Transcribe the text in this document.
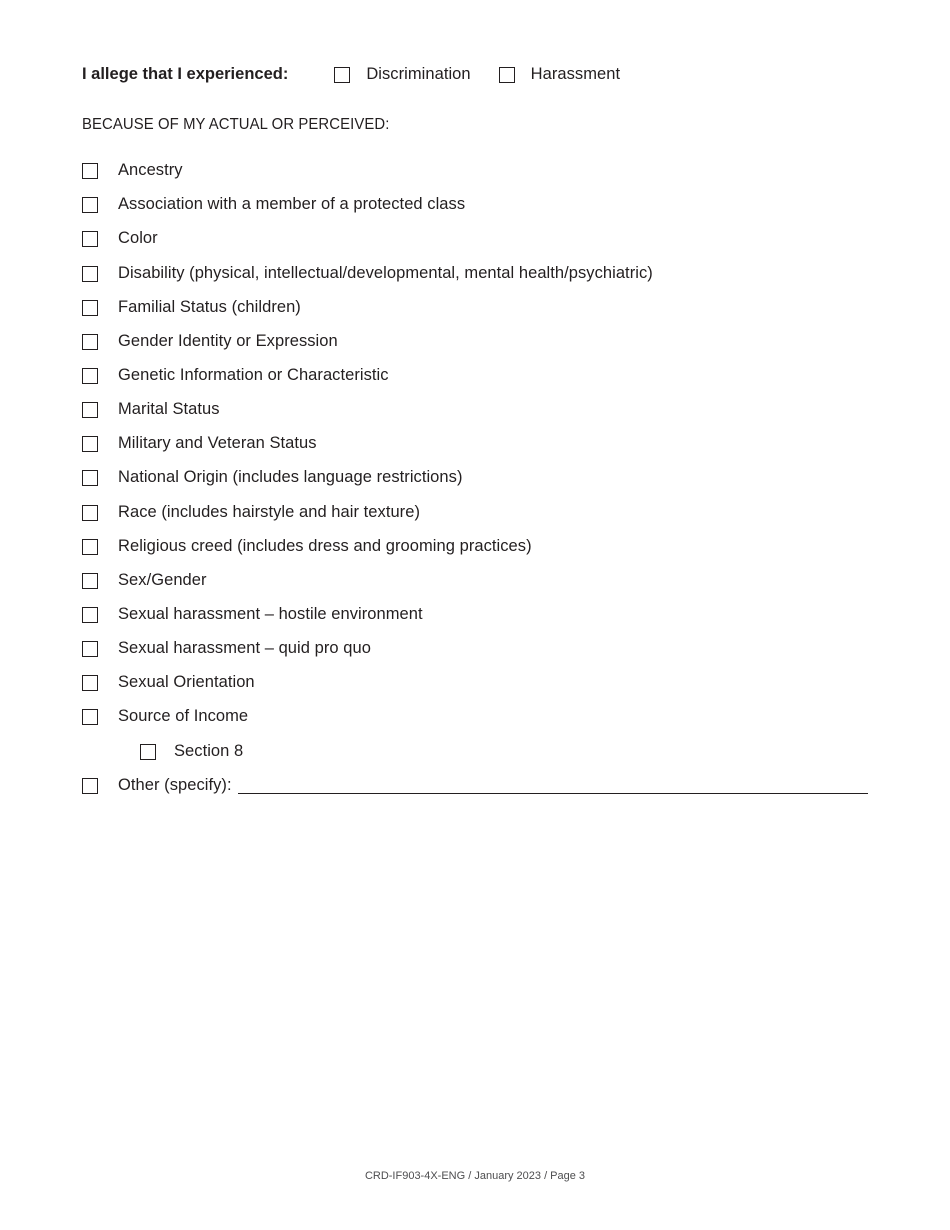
I allege that I experienced:	Discrimination	Harassment
BECAUSE OF MY ACTUAL OR PERCEIVED:
Ancestry
Association with a member of a protected class
Color
Disability (physical, intellectual/developmental, mental health/psychiatric)
Familial Status (children)
Gender Identity or Expression
Genetic Information or Characteristic
Marital Status
Military and Veteran Status
National Origin (includes language restrictions)
Race (includes hairstyle and hair texture)
Religious creed (includes dress and grooming practices)
Sex/Gender
Sexual harassment – hostile environment
Sexual harassment – quid pro quo
Sexual Orientation
Source of Income
Section 8
Other (specify):
CRD-IF903-4X-ENG / January 2023 / Page 3
